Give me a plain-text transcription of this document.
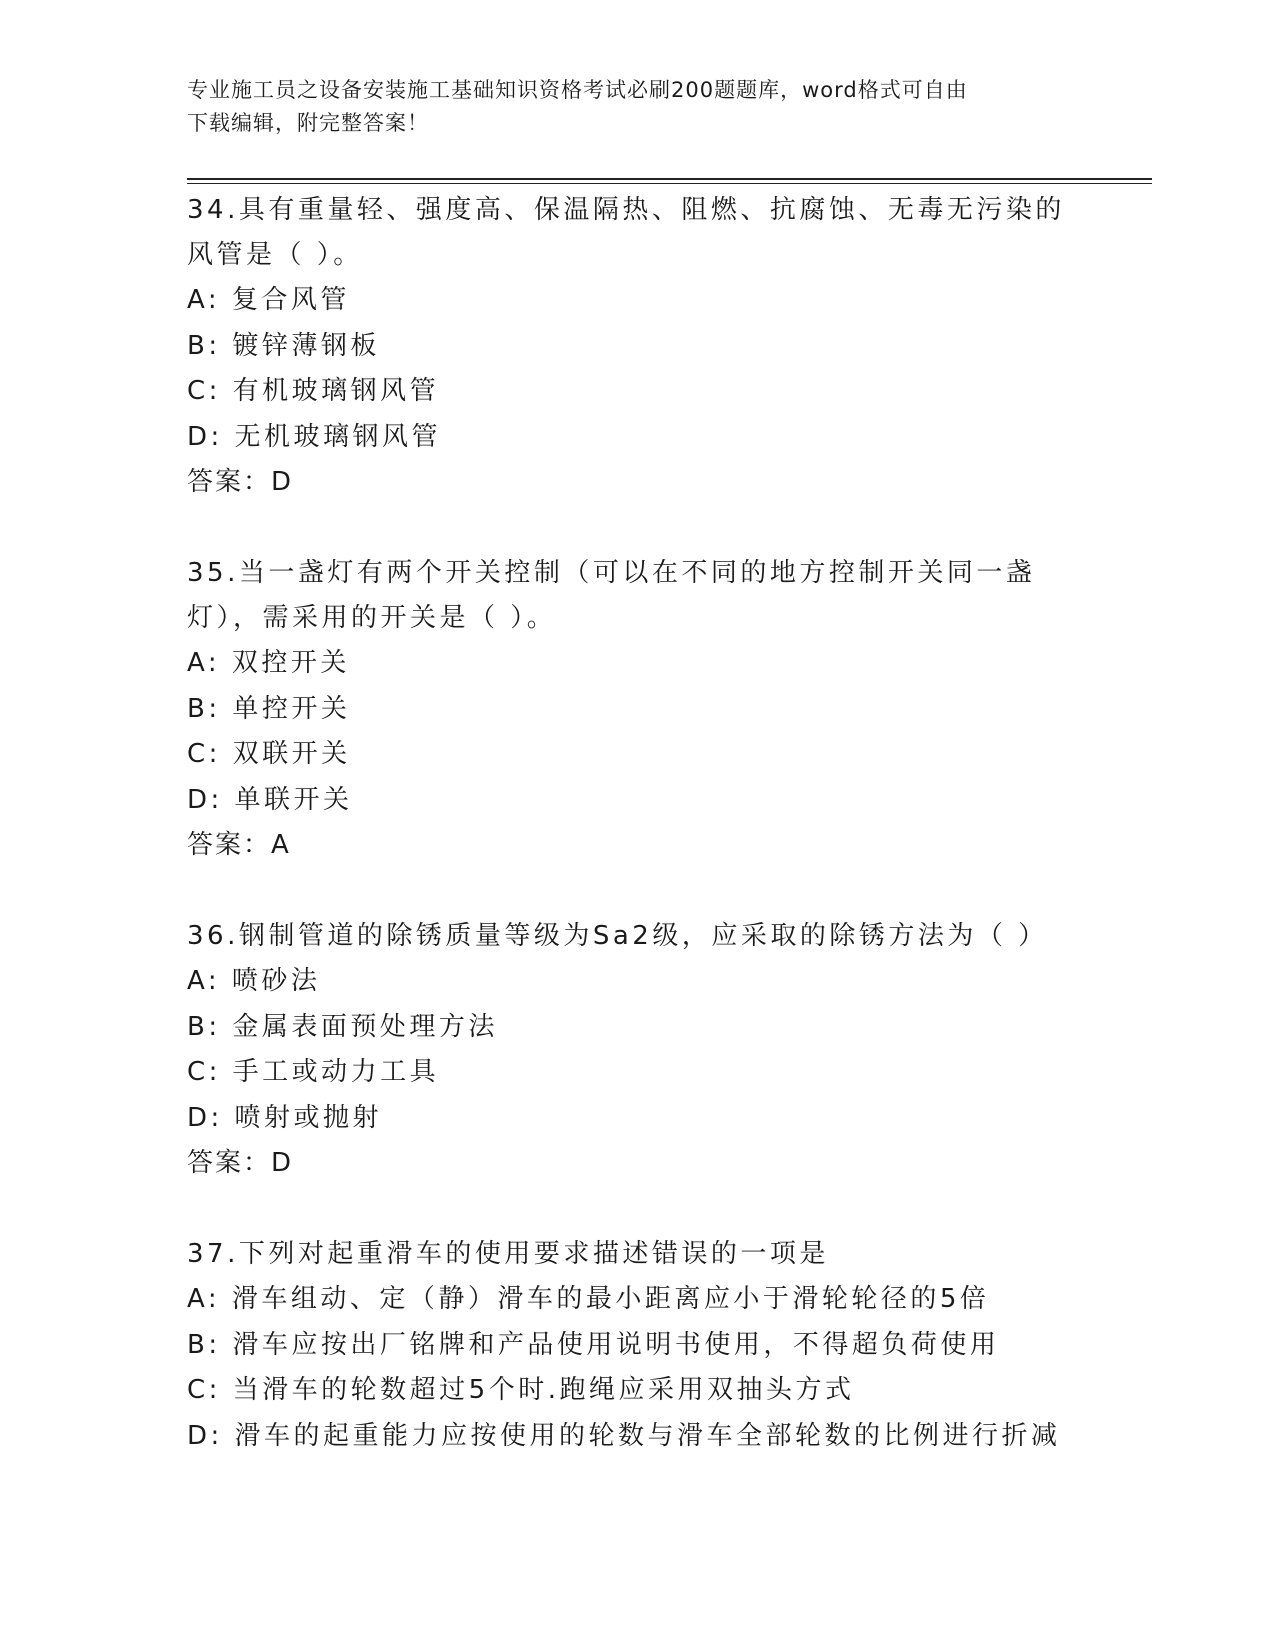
专业施工员之设备安装施工基础知识资格考试必刷200题题库，word格式可自由
下载编辑，附完整答案！

34.具有重量轻、强度高、保温隔热、阻燃、抗腐蚀、无毒无污染的风管是（ ）。

A: 复合风管

B: 镀锌薄钢板

C: 有机玻璃钢风管

D: 无机玻璃钢风管

答案：D

35.当一盏灯有两个开关控制（可以在不同的地方控制开关同一盏灯），需采用的开关是（ ）。

A: 双控开关

B: 单控开关

C: 双联开关

D: 单联开关

答案：A

36.钢制管道的除锈质量等级为Sa2级，应采取的除锈方法为（ ）

A: 喷砂法

B: 金属表面预处理方法

C: 手工或动力工具

D: 喷射或抛射

答案：D

37.下列对起重滑车的使用要求描述错误的一项是

A: 滑车组动、定（静）滑车的最小距离应小于滑轮轮径的5倍

B: 滑车应按出厂铭牌和产品使用说明书使用，不得超负荷使用

C: 当滑车的轮数超过5个时.跑绳应采用双抽头方式

D: 滑车的起重能力应按使用的轮数与滑车全部轮数的比例进行折减
